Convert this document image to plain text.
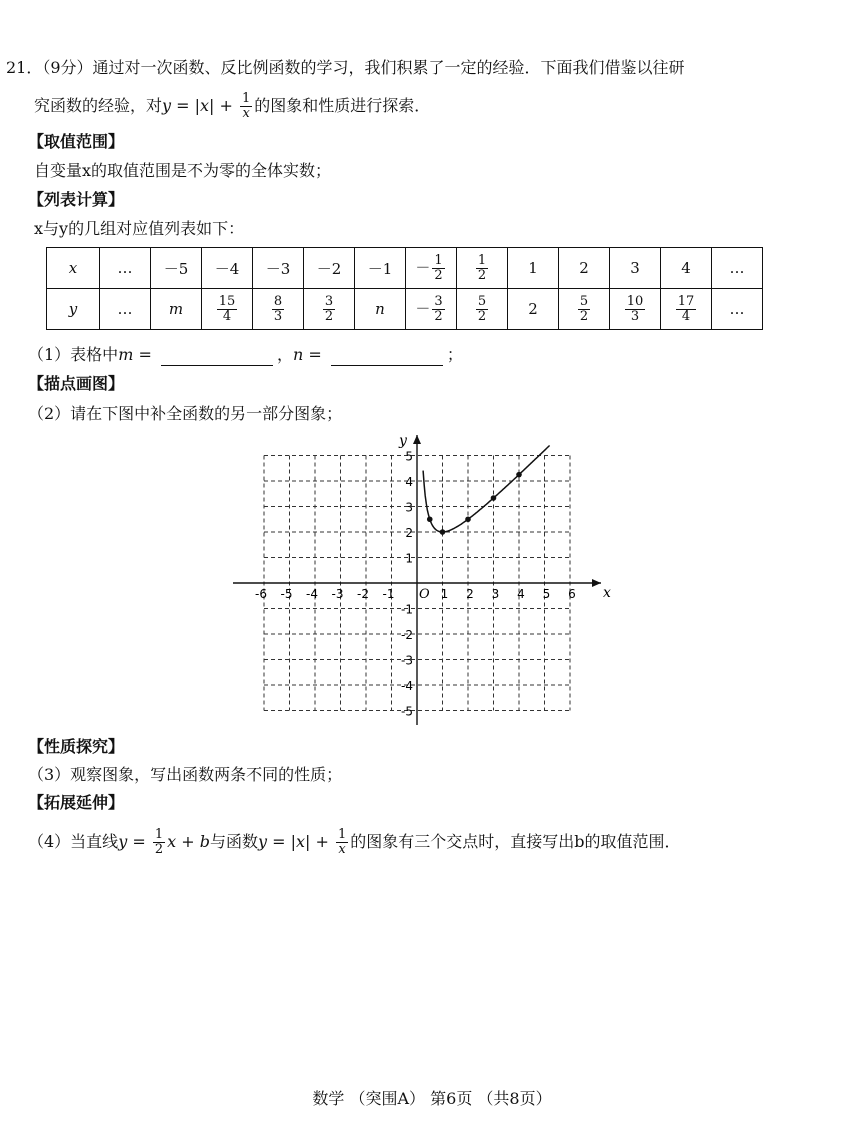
21．（9分）通过对一次函数、反比例函数的学习，我们积累了一定的经验．下面我们借鉴以往研
究函数的经验，对$y = |x| + \frac{1}{x}$ 的图象和性质进行探索．
【取值范围】
自变量x的取值范围是不为零的全体实数；
【列表计算】
x与y的几组对应值列表如下：
x	…	－5	－4	－3	－2	－1	－ $\frac{1}{2}$	$\frac{1}{2}$	1	2	3	4	…
y	…	m	$\frac{15}{4}$	$\frac{8}{3}$	$\frac{3}{2}$	n	－ $\frac{3}{2}$	$\frac{5}{2}$	2	$\frac{5}{2}$	$\frac{10}{3}$	$\frac{17}{4}$	…
（1）表格中m =	，n =	；
【描点画图】
（2）请在下图中补全函数的另一部分图象；
x
y
O
-6 -5 -4 -3 -2 -1	1 2 3 4 5 6
5
4
3
2
1
-1
-2
-3
-4
-5
【性质探究】
（3）观察图象，写出函数两条不同的性质；
【拓展延伸】
（4）当直线$y = \frac{1}{2}$ x + b与函数$y = |x| + \frac{1}{x}$ 的图象有三个交点时，直接写出b的取值范围．
数学 （突围A） 第6页 （共8页）
